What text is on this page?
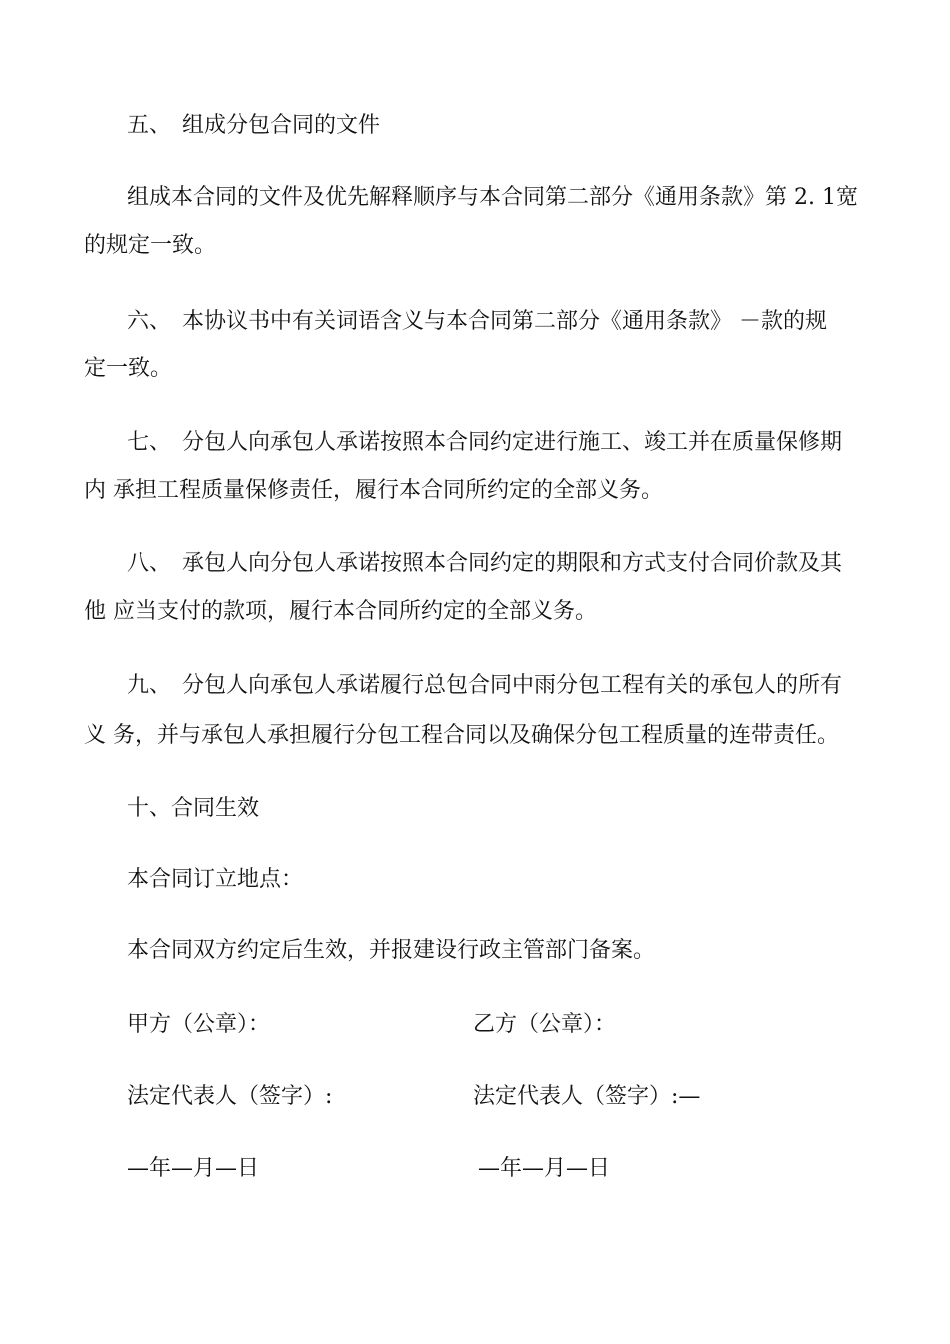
五、　组成分包合同的文件
组成本合同的文件及优先解释顺序与本合同第二部分《通用条款》第 2. 1宽
的规定一致。
六、　本协议书中有关词语含义与本合同第二部分《通用条款》 －款的规
定一致。
七、　分包人向承包人承诺按照本合同约定进行施工、竣工并在质量保修期
内 承担工程质量保修责任，履行本合同所约定的全部义务。
八、　承包人向分包人承诺按照本合同约定的期限和方式支付合同价款及其
他 应当支付的款项，履行本合同所约定的全部义务。
九、　分包人向承包人承诺履行总包合同中雨分包工程有关的承包人的所有
义 务，并与承包人承担履行分包工程合同以及确保分包工程质量的连带责任。
十、合同生效
本合同订立地点：
本合同双方约定后生效，并报建设行政主管部门备案。
甲方（公章）：	乙方（公章）：
法定代表人（签字）:	法定代表人（签字）:—
—年—月—日	—年—月—日
